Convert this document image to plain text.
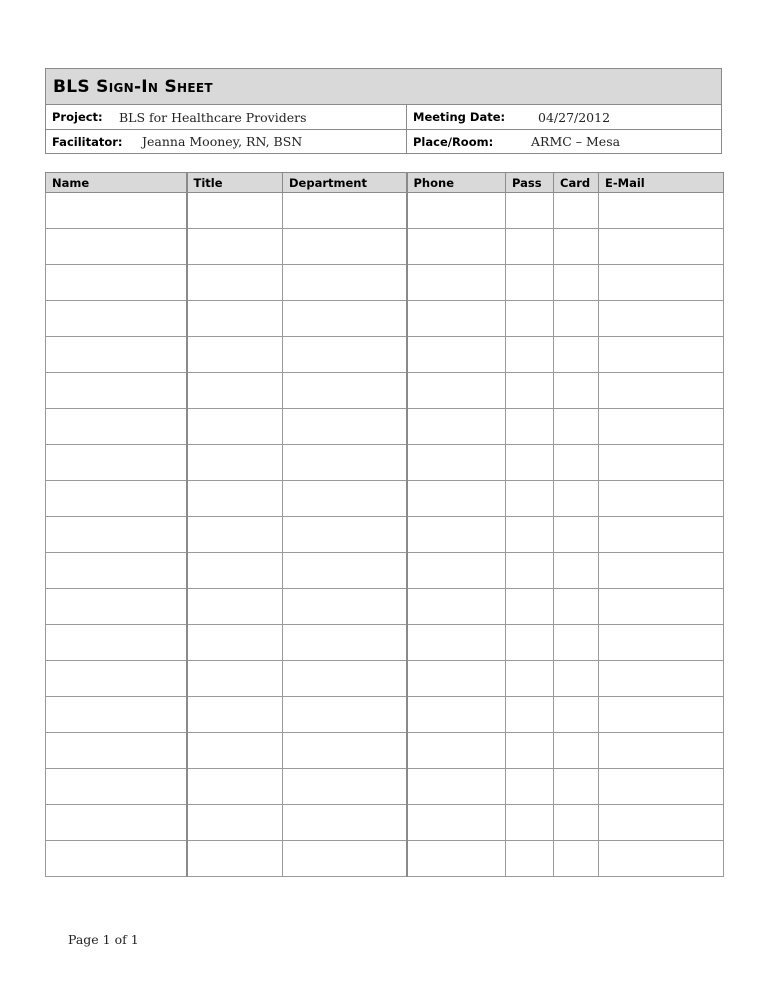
BLS Sign-In Sheet
Project:	BLS for Healthcare Providers	Meeting Date:	04/27/2012
Facilitator:	Jeanna Mooney, RN, BSN	Place/Room:	ARMC – Mesa
Name	Title	Department	Phone	Pass	Card	E-Mail

Page 1 of 1
